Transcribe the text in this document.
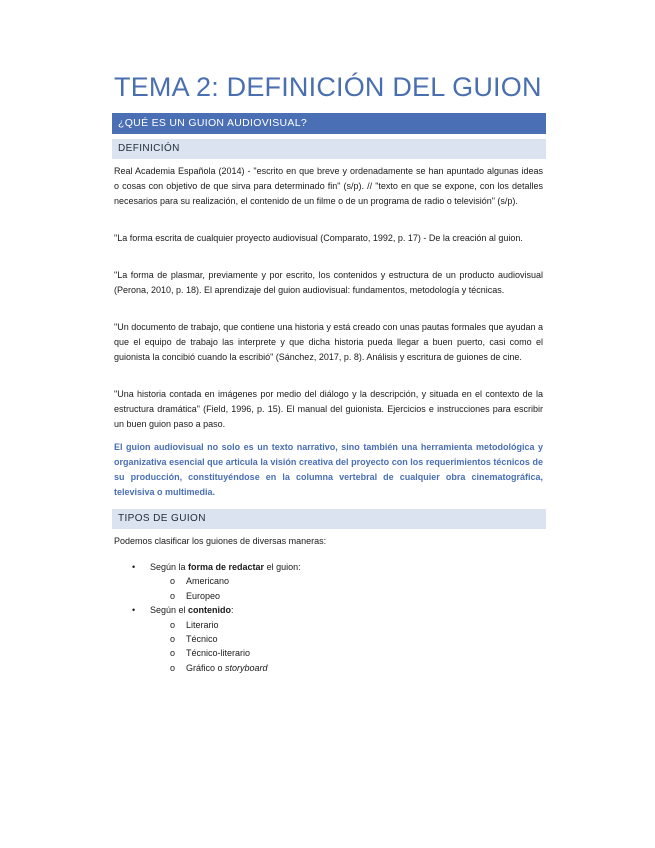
TEMA 2: DEFINICIÓN DEL GUION
¿QUÉ ES UN GUION AUDIOVISUAL?
DEFINICIÓN
Real Academia Española (2014) - "escrito en que breve y ordenadamente se han apuntado algunas ideas o cosas con objetivo de que sirva para determinado fin" (s/p). // "texto en que se expone, con los detalles necesarios para su realización, el contenido de un filme o de un programa de radio o televisión" (s/p).
"La forma escrita de cualquier proyecto audiovisual (Comparato, 1992, p. 17) - De la creación al guion.
"La forma de plasmar, previamente y por escrito, los contenidos y estructura de un producto audiovisual (Perona, 2010, p. 18). El aprendizaje del guion audiovisual: fundamentos, metodología y técnicas.
"Un documento de trabajo, que contiene una historia y está creado con unas pautas formales que ayudan a que el equipo de trabajo las interprete y que dicha historia pueda llegar a buen puerto, casi como el guionista la concibió cuando la escribió" (Sánchez, 2017, p. 8). Análisis y escritura de guiones de cine.
"Una historia contada en imágenes por medio del diálogo y la descripción, y situada en el contexto de la estructura dramática" (Field, 1996, p. 15). El manual del guionista. Ejercicios e instrucciones para escribir un buen guion paso a paso.
El guion audiovisual no solo es un texto narrativo, sino también una herramienta metodológica y organizativa esencial que articula la visión creativa del proyecto con los requerimientos técnicos de su producción, constituyéndose en la columna vertebral de cualquier obra cinematográfica, televisiva o multimedia.
TIPOS DE GUION
Podemos clasificar los guiones de diversas maneras:
• Según la forma de redactar el guion:
o Americano
o Europeo
• Según el contenido:
o Literario
o Técnico
o Técnico-literario
o Gráfico o storyboard
